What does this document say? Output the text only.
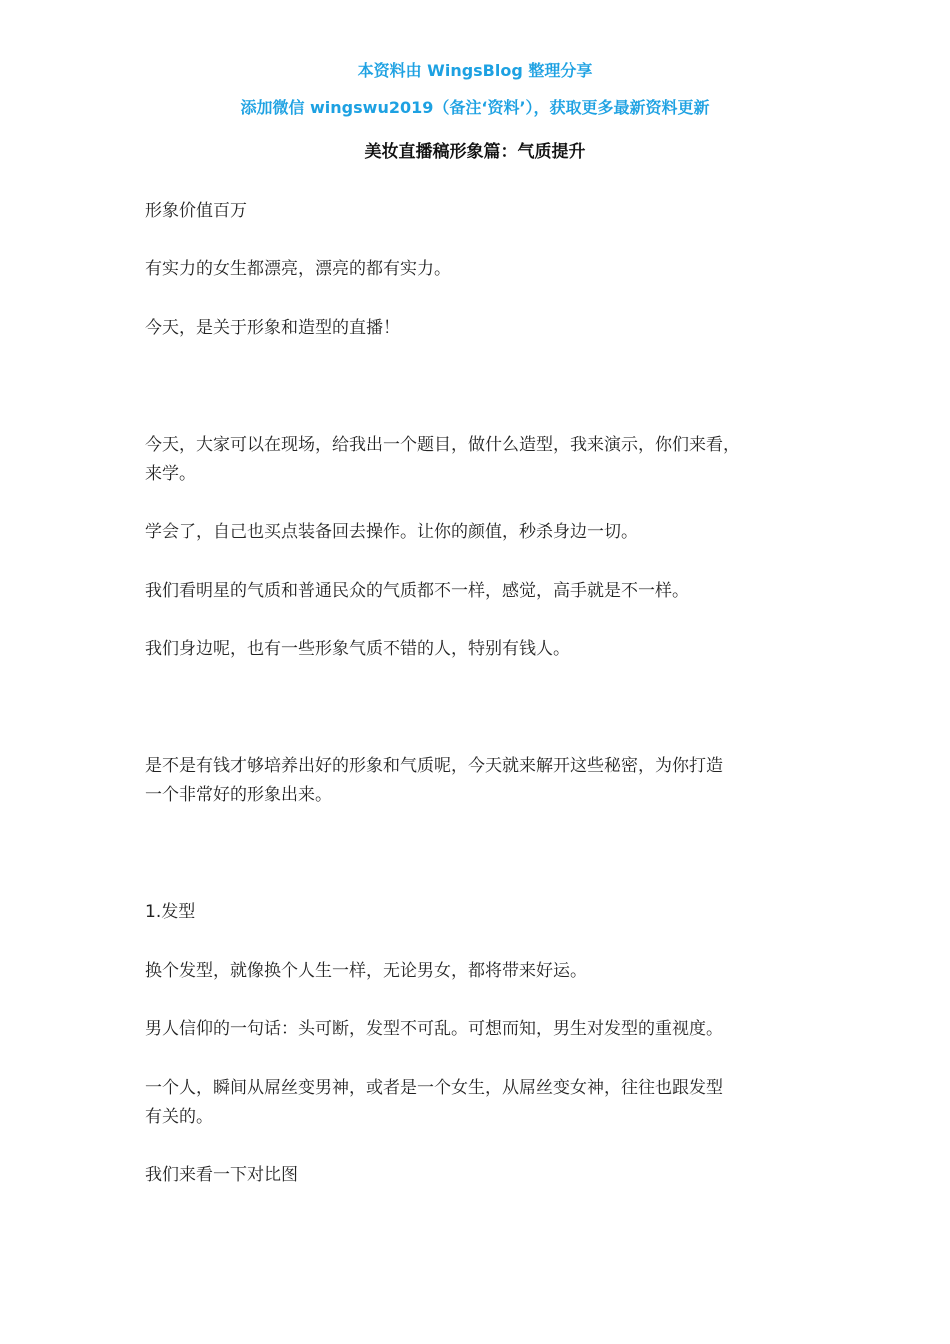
本资料由 WingsBlog 整理分享
添加微信 wingswu2019（备注‘资料’），获取更多最新资料更新
美妆直播稿形象篇：气质提升

形象价值百万

有实力的女生都漂亮，漂亮的都有实力。

今天，是关于形象和造型的直播！

今天，大家可以在现场，给我出一个题目，做什么造型，我来演示，你们来看，

来学。

学会了，自己也买点装备回去操作。让你的颜值，秒杀身边一切。

我们看明星的气质和普通民众的气质都不一样，感觉，高手就是不一样。

我们身边呢，也有一些形象气质不错的人，特别有钱人。

是不是有钱才够培养出好的形象和气质呢，今天就来解开这些秘密，为你打造

一个非常好的形象出来。

1.发型

换个发型，就像换个人生一样，无论男女，都将带来好运。

男人信仰的一句话：头可断，发型不可乱。可想而知，男生对发型的重视度。

一个人，瞬间从屌丝变男神，或者是一个女生，从屌丝变女神，往往也跟发型

有关的。

我们来看一下对比图
